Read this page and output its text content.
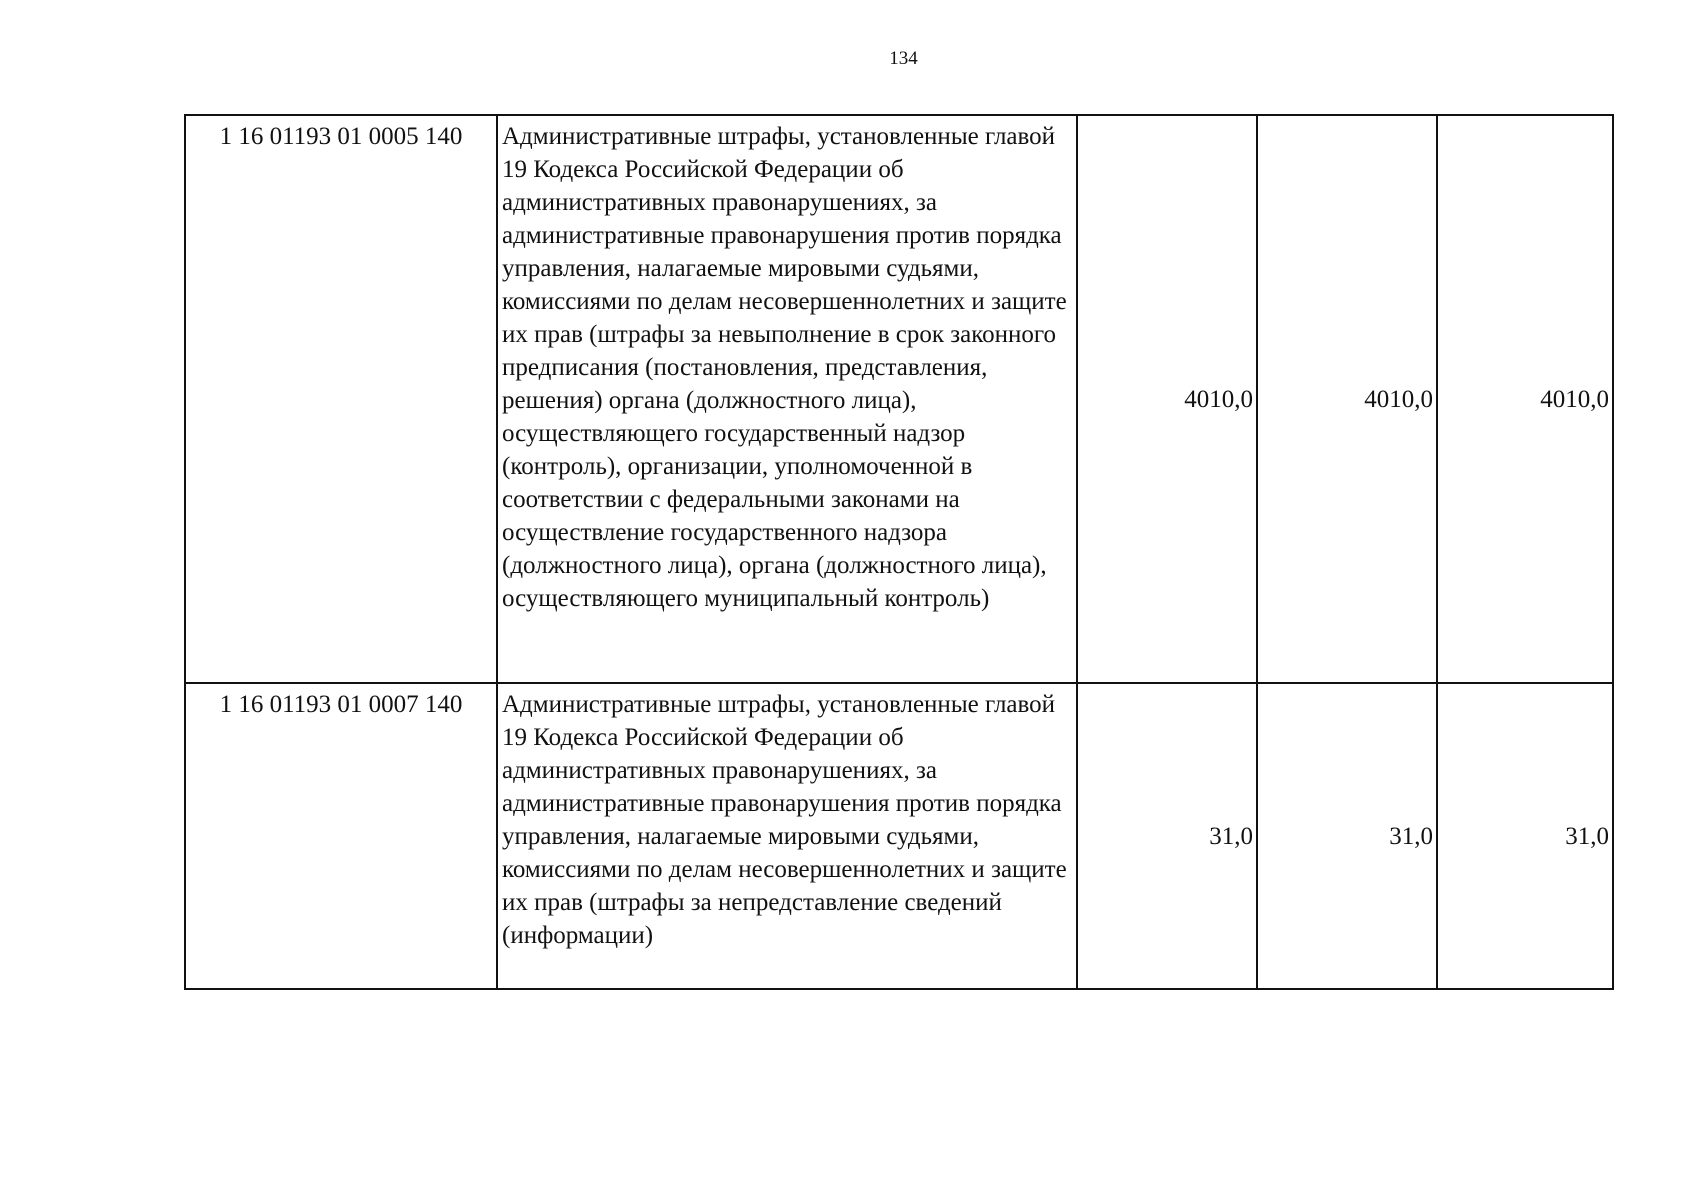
134
1 16 01193 01 0005 140	Административные штрафы, установленные главой 19 Кодекса Российской Федерации об административных правонарушениях, за административные правонарушения против порядка управления, налагаемые мировыми судьями, комиссиями по делам несовершеннолетних и защите их прав (штрафы за невыполнение в срок законного предписания (постановления, представления, решения) органа (должностного лица), осуществляющего государственный надзор (контроль), организации, уполномоченной в соответствии с федеральными законами на осуществление государственного надзора (должностного лица), органа (должностного лица), осуществляющего муниципальный контроль)	4010,0	4010,0	4010,0
1 16 01193 01 0007 140	Административные штрафы, установленные главой 19 Кодекса Российской Федерации об административных правонарушениях, за административные правонарушения против порядка управления, налагаемые мировыми судьями, комиссиями по делам несовершеннолетних и защите их прав (штрафы за непредставление сведений (информации)	31,0	31,0	31,0
